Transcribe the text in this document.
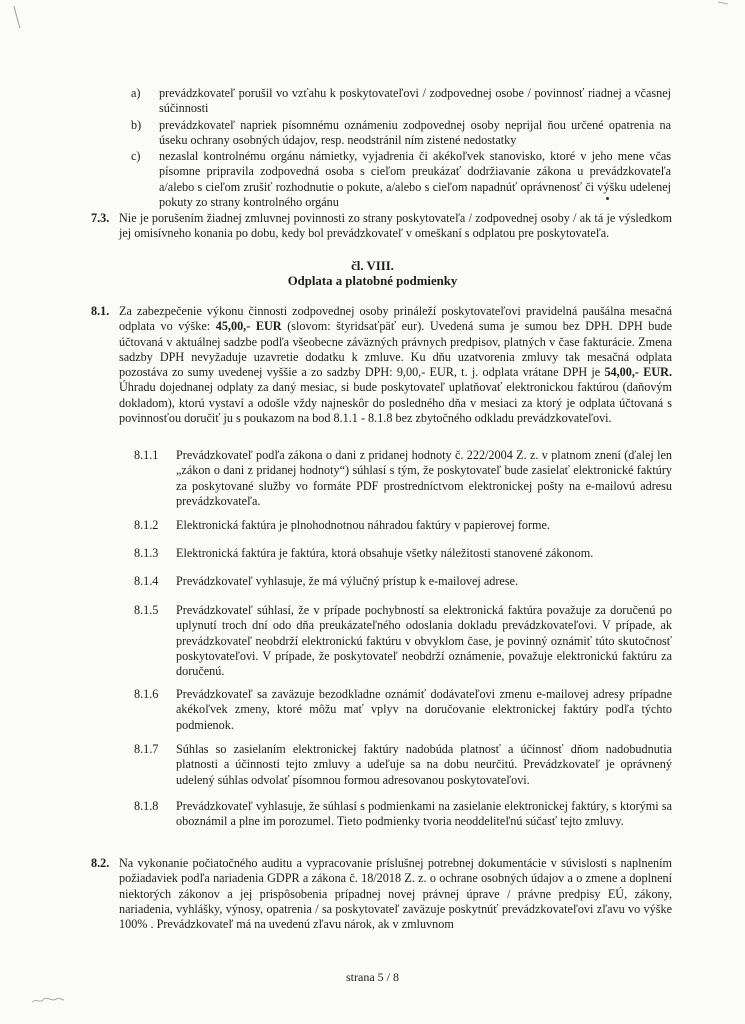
a) prevádzkovateľ porušil vo vzťahu k poskytovateľovi / zodpovednej osobe / povinnosť riadnej a včasnej súčinnosti

b) prevádzkovateľ napriek písomnému oznámeniu zodpovednej osoby neprijal ňou určené opatrenia na úseku ochrany osobných údajov, resp. neodstránil ním zistené nedostatky

c) nezaslal kontrolnému orgánu námietky, vyjadrenia či akékoľvek stanovisko, ktoré v jeho mene včas písomne pripravila zodpovedná osoba s cieľom preukázať dodržiavanie zákona u prevádzkovateľa a/alebo s cieľom zrušiť rozhodnutie o pokute, a/alebo s cieľom napadnúť oprávnenosť či výšku udelenej pokuty zo strany kontrolného orgánu

7.3. Nie je porušením žiadnej zmluvnej povinnosti zo strany poskytovateľa / zodpovednej osoby / ak tá je výsledkom jej omisívneho konania po dobu, kedy bol prevádzkovateľ v omeškaní s odplatou pre poskytovateľa.

čl. VIII.
Odplata a platobné podmienky
8.1. Za zabezpečenie výkonu činnosti zodpovednej osoby prináleží poskytovateľovi pravidelná paušálna mesačná odplata vo výške: 45,00,- EUR (slovom: štyridsaťpäť eur). Uvedená suma je sumou bez DPH. DPH bude účtovaná v aktuálnej sadzbe podľa všeobecne záväzných právnych predpisov, platných v čase fakturácie. Zmena sadzby DPH nevyžaduje uzavretie dodatku k zmluve. Ku dňu uzatvorenia zmluvy tak mesačná odplata pozostáva zo sumy uvedenej vyššie a zo sadzby DPH: 9,00,- EUR, t. j. odplata vrátane DPH je 54,00,- EUR. Úhradu dojednanej odplaty za daný mesiac, si bude poskytovateľ uplatňovať elektronickou faktúrou (daňovým dokladom), ktorú vystaví a odošle vždy najneskôr do posledného dňa v mesiaci za ktorý je odplata účtovaná s povinnosťou doručiť ju s poukazom na bod 8.1.1 - 8.1.8 bez zbytočného odkladu prevádzkovateľovi.

8.1.1 Prevádzkovateľ podľa zákona o dani z pridanej hodnoty č. 222/2004 Z. z. v platnom znení (ďalej len „zákon o dani z pridanej hodnoty“) súhlasí s tým, že poskytovateľ bude zasielať elektronické faktúry za poskytované služby vo formáte PDF prostredníctvom elektronickej pošty na e-mailovú adresu prevádzkovateľa.

8.1.2 Elektronická faktúra je plnohodnotnou náhradou faktúry v papierovej forme.

8.1.3 Elektronická faktúra je faktúra, ktorá obsahuje všetky náležitosti stanovené zákonom.

8.1.4 Prevádzkovateľ vyhlasuje, že má výlučný prístup k e-mailovej adrese.

8.1.5 Prevádzkovateľ súhlasí, že v prípade pochybností sa elektronická faktúra považuje za doručenú po uplynutí troch dní odo dňa preukázateľného odoslania dokladu prevádzkovateľovi. V prípade, ak prevádzkovateľ neobdrží elektronickú faktúru v obvyklom čase, je povinný oznámiť túto skutočnosť poskytovateľovi. V prípade, že poskytovateľ neobdrží oznámenie, považuje elektronickú faktúru za doručenú.

8.1.6 Prevádzkovateľ sa zaväzuje bezodkladne oznámiť dodávateľovi zmenu e-mailovej adresy prípadne akékoľvek zmeny, ktoré môžu mať vplyv na doručovanie elektronickej faktúry podľa týchto podmienok.

8.1.7 Súhlas so zasielaním elektronickej faktúry nadobúda platnosť a účinnosť dňom nadobudnutia platnosti a účinnosti tejto zmluvy a udeľuje sa na dobu neurčitú. Prevádzkovateľ je oprávnený udelený súhlas odvolať písomnou formou adresovanou poskytovateľovi.

8.1.8 Prevádzkovateľ vyhlasuje, že súhlasí s podmienkami na zasielanie elektronickej faktúry, s ktorými sa oboznámil a plne im porozumel. Tieto podmienky tvoria neoddeliteľnú súčasť tejto zmluvy.

8.2. Na vykonanie počiatočného auditu a vypracovanie príslušnej potrebnej dokumentácie v súvislosti s naplnením požiadaviek podľa nariadenia GDPR a zákona č. 18/2018 Z. z. o ochrane osobných údajov a o zmene a doplnení niektorých zákonov a jej prispôsobenia prípadnej novej právnej úprave / právne predpisy EÚ, zákony, nariadenia, vyhlášky, výnosy, opatrenia / sa poskytovateľ zaväzuje poskytnúť prevádzkovateľovi zľavu vo výške 100% . Prevádzkovateľ má na uvedenú zľavu nárok, ak v zmluvnom

strana 5 / 8
